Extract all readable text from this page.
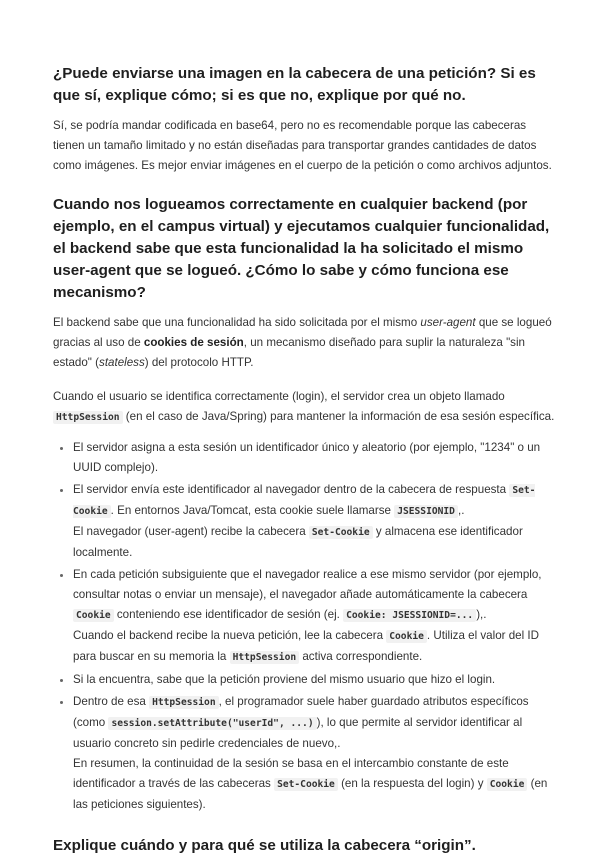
¿Puede enviarse una imagen en la cabecera de una petición? Si es que sí, explique cómo; si es que no, explique por qué no.

Sí, se podría mandar codificada en base64, pero no es recomendable porque las cabeceras tienen un tamaño limitado y no están diseñadas para transportar grandes cantidades de datos como imágenes. Es mejor enviar imágenes en el cuerpo de la petición o como archivos adjuntos.

Cuando nos logueamos correctamente en cualquier backend (por ejemplo, en el campus virtual) y ejecutamos cualquier funcionalidad, el backend sabe que esta funcionalidad la ha solicitado el mismo user-agent que se logueó. ¿Cómo lo sabe y cómo funciona ese mecanismo?

El backend sabe que una funcionalidad ha sido solicitada por el mismo user-agent que se logueó gracias al uso de cookies de sesión, un mecanismo diseñado para suplir la naturaleza "sin estado" (stateless) del protocolo HTTP.

Cuando el usuario se identifica correctamente (login), el servidor crea un objeto llamado HttpSession (en el caso de Java/Spring) para mantener la información de esa sesión específica.

• El servidor asigna a esta sesión un identificador único y aleatorio (por ejemplo, "1234" o un UUID complejo).
• El servidor envía este identificador al navegador dentro de la cabecera de respuesta Set-Cookie . En entornos Java/Tomcat, esta cookie suele llamarse JSESSIONID ,.
El navegador (user-agent) recibe la cabecera Set-Cookie y almacena ese identificador localmente.
• En cada petición subsiguiente que el navegador realice a ese mismo servidor (por ejemplo, consultar notas o enviar un mensaje), el navegador añade automáticamente la cabecera Cookie conteniendo ese identificador de sesión (ej. Cookie: JSESSIONID=... ),.
Cuando el backend recibe la nueva petición, lee la cabecera Cookie . Utiliza el valor del ID para buscar en su memoria la HttpSession activa correspondiente.
• Si la encuentra, sabe que la petición proviene del mismo usuario que hizo el login.
• Dentro de esa HttpSession , el programador suele haber guardado atributos específicos (como session.setAttribute("userId", ...) ), lo que permite al servidor identificar al usuario concreto sin pedirle credenciales de nuevo,.
En resumen, la continuidad de la sesión se basa en el intercambio constante de este identificador a través de las cabeceras Set-Cookie (en la respuesta del login) y Cookie (en las peticiones siguientes).
Explique cuándo y para qué se utiliza la cabecera “origin”.
